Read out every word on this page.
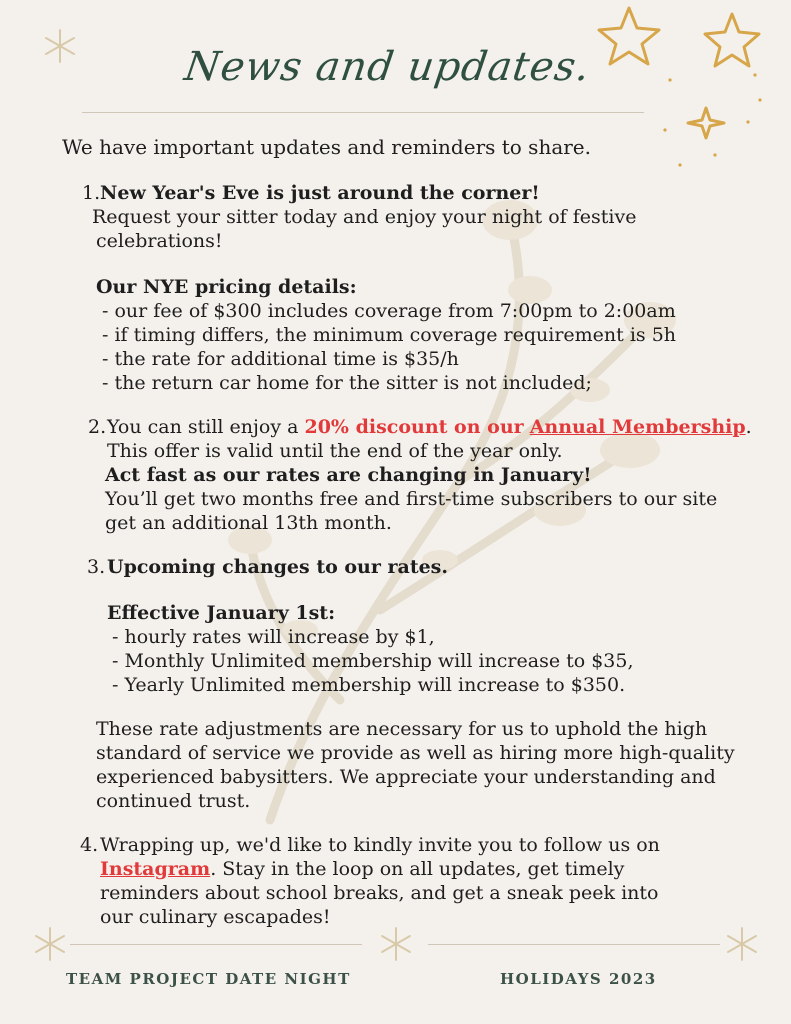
News and updates.
We have important updates and reminders to share.
1. New Year's Eve is just around the corner!
Request your sitter today and enjoy your night of festive
celebrations!
Our NYE pricing details:
- our fee of $300 includes coverage from 7:00pm to 2:00am
- if timing differs, the minimum coverage requirement is 5h
- the rate for additional time is $35/h
- the return car home for the sitter is not included;
2. You can still enjoy a 20% discount on our Annual Membership.
This offer is valid until the end of the year only.
Act fast as our rates are changing in January!
You’ll get two months free and first-time subscribers to our site
get an additional 13th month.
3. Upcoming changes to our rates.
Effective January 1st:
- hourly rates will increase by $1,
- Monthly Unlimited membership will increase to $35,
- Yearly Unlimited membership will increase to $350.
These rate adjustments are necessary for us to uphold the high
standard of service we provide as well as hiring more high-quality
experienced babysitters. We appreciate your understanding and
continued trust.
4. Wrapping up, we'd like to kindly invite you to follow us on
Instagram. Stay in the loop on all updates, get timely
reminders about school breaks, and get a sneak peek into
our culinary escapades!
TEAM PROJECT DATE NIGHT	HOLIDAYS 2023
